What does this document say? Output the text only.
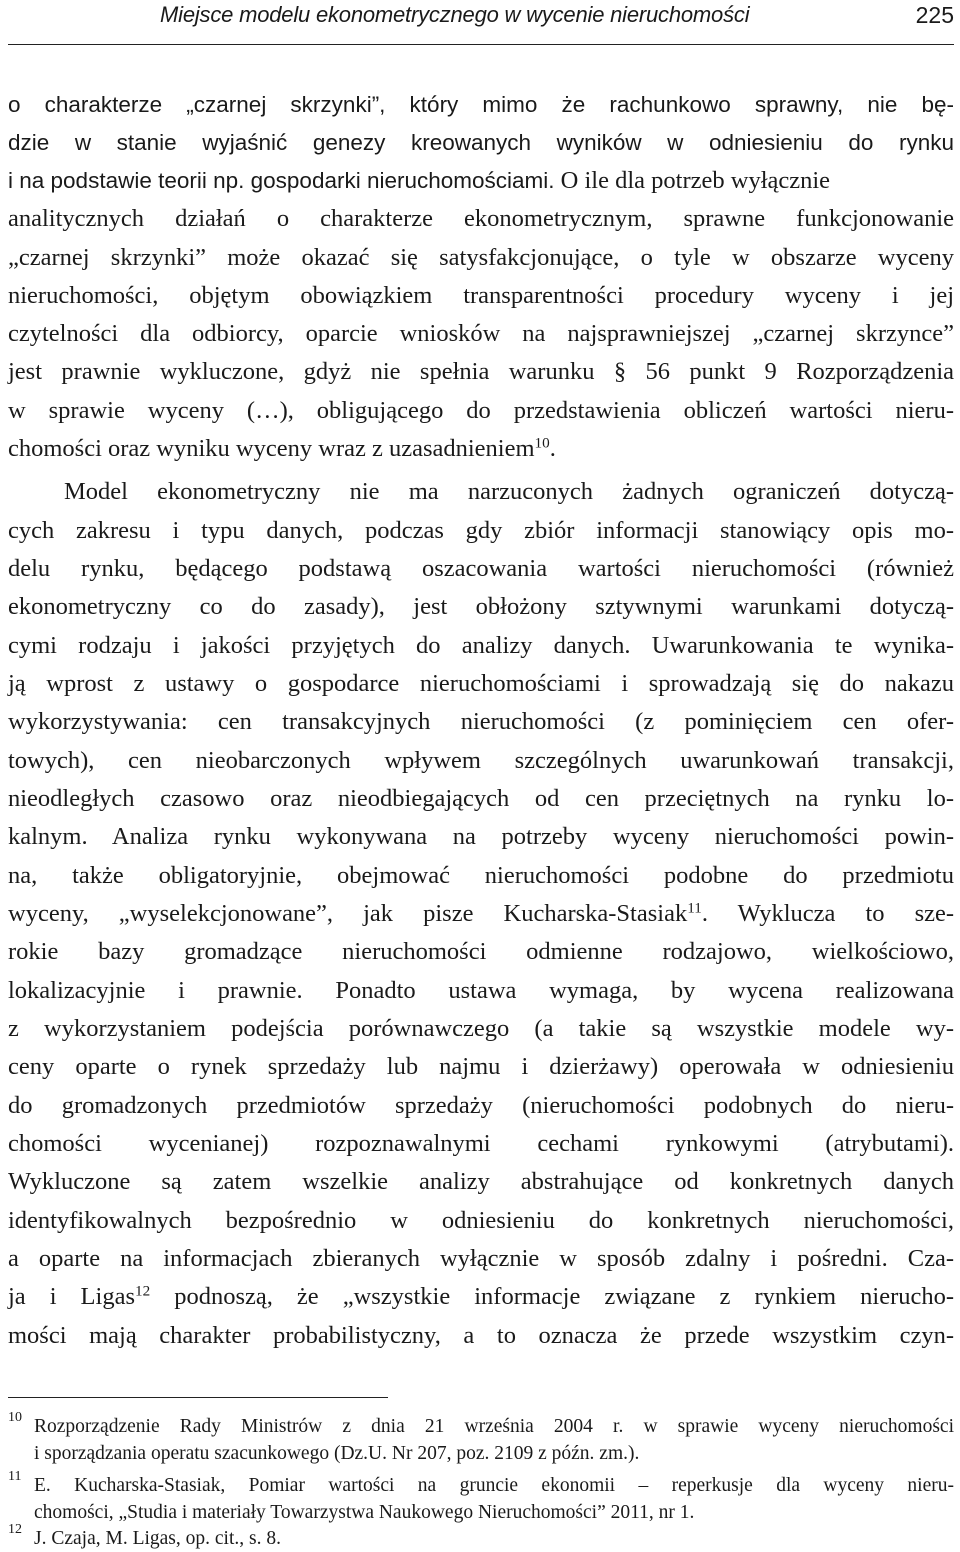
Miejsce modelu ekonometrycznego w wycenie nieruchomości	225
o charakterze „czarnej skrzynki”, który mimo że rachunkowo sprawny, nie bę-
dzie w stanie wyjaśnić genezy kreowanych wyników w odniesieniu do rynku
i na podstawie teorii np. gospodarki nieruchomościami. O ile dla potrzeb wyłącznie
analitycznych działań o charakterze ekonometrycznym, sprawne funkcjonowanie
„czarnej skrzynki” może okazać się satysfakcjonujące, o tyle w obszarze wyceny
nieruchomości, objętym obowiązkiem transparentności procedury wyceny i jej
czytelności dla odbiorcy, oparcie wniosków na najsprawniejszej „czarnej skrzynce”
jest prawnie wykluczone, gdyż nie spełnia warunku § 56 punkt 9 Rozporządzenia
w sprawie wyceny (…), obligującego do przedstawienia obliczeń wartości nieru-
chomości oraz wyniku wyceny wraz z uzasadnieniem$^{10}$.
Model ekonometryczny nie ma narzuconych żadnych ograniczeń dotyczą-
cych zakresu i typu danych, podczas gdy zbiór informacji stanowiący opis mo-
delu rynku, będącego podstawą oszacowania wartości nieruchomości (również
ekonometryczny co do zasady), jest obłożony sztywnymi warunkami dotyczą-
cymi rodzaju i jakości przyjętych do analizy danych. Uwarunkowania te wynika-
ją wprost z ustawy o gospodarce nieruchomościami i sprowadzają się do nakazu
wykorzystywania: cen transakcyjnych nieruchomości (z pominięciem cen ofer-
towych), cen nieobarczonych wpływem szczególnych uwarunkowań transakcji,
nieodległych czasowo oraz nieodbiegających od cen przeciętnych na rynku lo-
kalnym. Analiza rynku wykonywana na potrzeby wyceny nieruchomości powin-
na, także obligatoryjnie, obejmować nieruchomości podobne do przedmiotu
wyceny, „wyselekcjonowane”, jak pisze Kucharska-Stasiak$^{11}$. Wyklucza to sze-
rokie bazy gromadzące nieruchomości odmienne rodzajowo, wielkościowo,
lokalizacyjnie i prawnie. Ponadto ustawa wymaga, by wycena realizowana
z wykorzystaniem podejścia porównawczego (a takie są wszystkie modele wy-
ceny oparte o rynek sprzedaży lub najmu i dzierżawy) operowała w odniesieniu
do gromadzonych przedmiotów sprzedaży (nieruchomości podobnych do nieru-
chomości wycenianej) rozpoznawalnymi cechami rynkowymi (atrybutami).
Wykluczone są zatem wszelkie analizy abstrahujące od konkretnych danych
identyfikowalnych bezpośrednio w odniesieniu do konkretnych nieruchomości,
a oparte na informacjach zbieranych wyłącznie w sposób zdalny i pośredni. Cza-
ja i Ligas$^{12}$ podnoszą, że „wszystkie informacje związane z rynkiem nierucho-
mości mają charakter probabilistyczny, a to oznacza że przede wszystkim czyn-
10 Rozporządzenie Rady Ministrów z dnia 21 września 2004 r. w sprawie wyceny nieruchomości
i sporządzania operatu szacunkowego (Dz.U. Nr 207, poz. 2109 z późn. zm.).
11 E. Kucharska-Stasiak, Pomiar wartości na gruncie ekonomii – reperkusje dla wyceny nieru-
chomości, „Studia i materiały Towarzystwa Naukowego Nieruchomości” 2011, nr 1.
12 J. Czaja, M. Ligas, op. cit., s. 8.
